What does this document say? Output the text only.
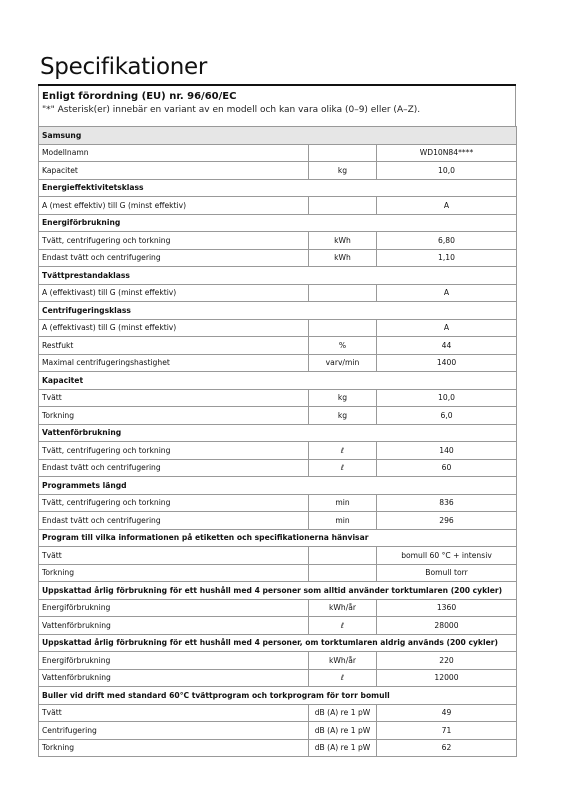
Specifikationer
Enligt förordning (EU) nr. 96/60/EC
"*" Asterisk(er) innebär en variant av en modell och kan vara olika (0–9) eller (A–Z).
Samsung		
Modellnamn		WD10N84****
Kapacitet	kg	10,0
Energieffektivitetsklass		
A (mest effektiv) till G (minst effektiv)		A
Energiförbrukning		
Tvätt, centrifugering och torkning	kWh	6,80
Endast tvätt och centrifugering	kWh	1,10
Tvättprestandaklass		
A (effektivast) till G (minst effektiv)		A
Centrifugeringsklass		
A (effektivast) till G (minst effektiv)		A
Restfukt	%	44
Maximal centrifugeringshastighet	varv/min	1400
Kapacitet		
Tvätt	kg	10,0
Torkning	kg	6,0
Vattenförbrukning		
Tvätt, centrifugering och torkning	ℓ	140
Endast tvätt och centrifugering	ℓ	60
Programmets längd		
Tvätt, centrifugering och torkning	min	836
Endast tvätt och centrifugering	min	296
Program till vilka informationen på etiketten och specifikationerna hänvisar		
Tvätt		bomull 60 °C + intensiv
Torkning		Bomull torr
Uppskattad årlig förbrukning för ett hushåll med 4 personer som alltid använder torktumlaren (200 cykler)		
Energiförbrukning	kWh/år	1360
Vattenförbrukning	ℓ	28000
Uppskattad årlig förbrukning för ett hushåll med 4 personer, om torktumlaren aldrig används (200 cykler)		
Energiförbrukning	kWh/år	220
Vattenförbrukning	ℓ	12000
Buller vid drift med standard 60°C tvättprogram och torkprogram för torr bomull		
Tvätt	dB (A) re 1 pW	49
Centrifugering	dB (A) re 1 pW	71
Torkning	dB (A) re 1 pW	62
